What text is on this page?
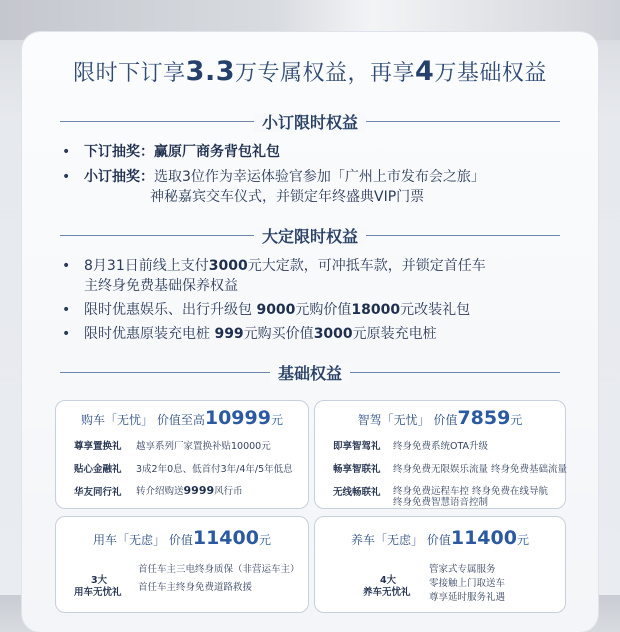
限时下订享3.3万专属权益，再享4万基础权益
小订限时权益
• 下订抽奖：赢原厂商务背包礼包
• 小订抽奖：选取3位作为幸运体验官参加「广州上市发布会之旅」
神秘嘉宾交车仪式，并锁定年终盛典VIP门票
大定限时权益
• 8月31日前线上支付3000元大定款，可冲抵车款，并锁定首任车
主终身免费基础保养权益
• 限时优惠娱乐、出行升级包 9000元购价值18000元改装礼包
• 限时优惠原装充电桩 999元购买价值3000元原装充电桩
基础权益
购车「无忧」 价值至高10999元
尊享置换礼 越享系列厂家置换补贴10000元
贴心金融礼 3成2年0息、低首付3年/4年/5年低息
华友同行礼 转介绍购送9999风行币
智驾「无忧」 价值7859元
即享智驾礼 终身免费系统OTA升级
畅享智联礼 终身免费无限娱乐流量 终身免费基础流量
无线畅联礼 终身免费远程车控 终身免费在线导航
终身免费智慧语音控制
用车「无虑」 价值11400元
3大
用车无忧礼
首任车主三电终身质保（非营运车主）
首任车主终身免费道路救援
养车「无虑」 价值11400元
4大
养车无忧礼
管家式专属服务
零接触上门取送车
尊享延时服务礼遇
